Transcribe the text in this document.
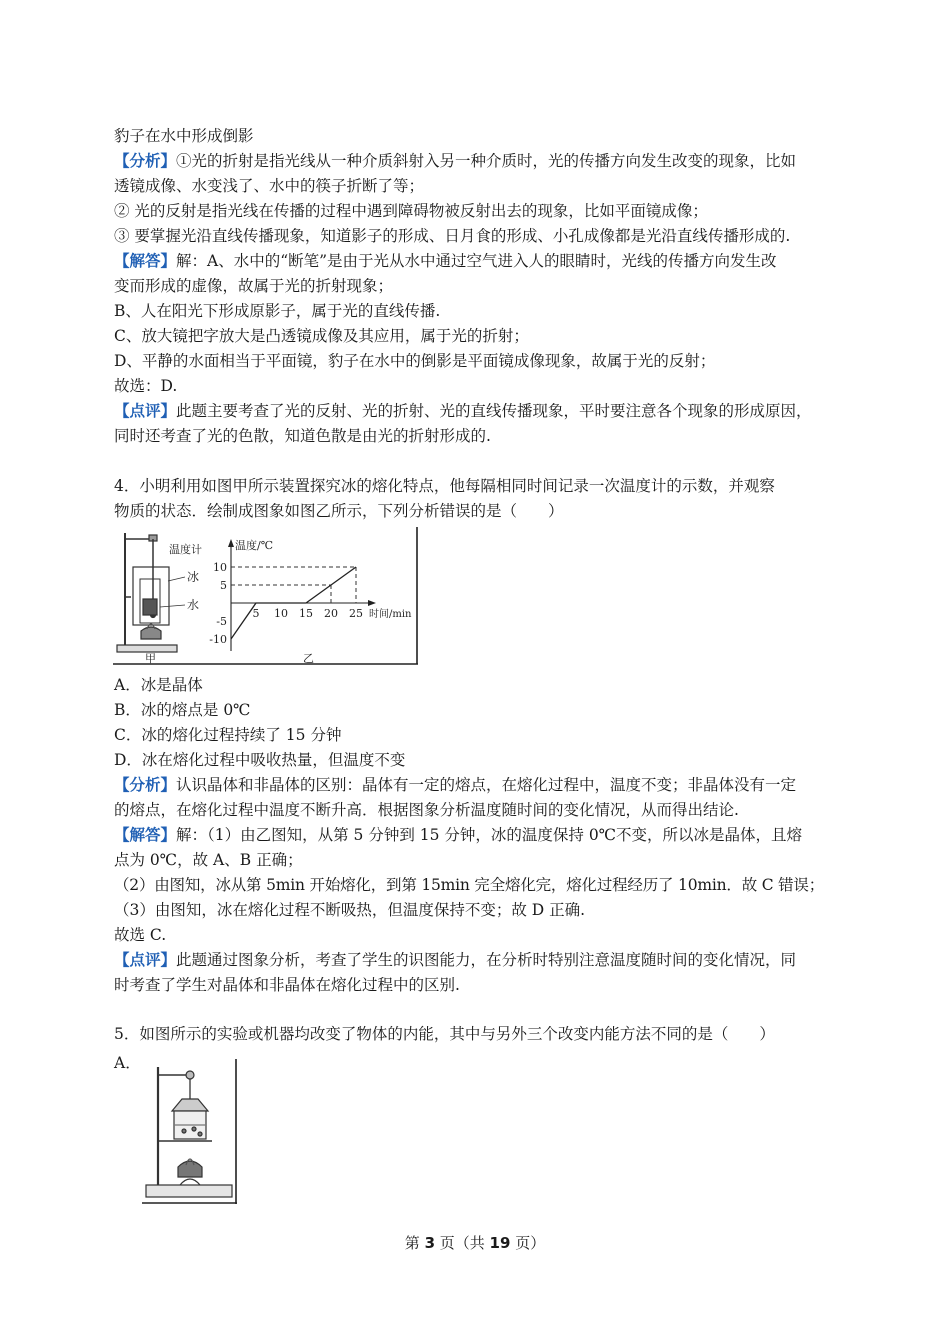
豹子在水中形成倒影
【分析】①光的折射是指光线从一种介质斜射入另一种介质时，光的传播方向发生改变的现象，比如
透镜成像、水变浅了、水中的筷子折断了等；
② 光的反射是指光线在传播的过程中遇到障碍物被反射出去的现象，比如平面镜成像；
③ 要掌握光沿直线传播现象，知道影子的形成、日月食的形成、小孔成像都是光沿直线传播形成的.
【解答】解：A、水中的“断笔”是由于光从水中通过空气进入人的眼睛时，光线的传播方向发生改
变而形成的虚像，故属于光的折射现象；
B、人在阳光下形成原影子，属于光的直线传播.
C、放大镜把字放大是凸透镜成像及其应用，属于光的折射；
D、平静的水面相当于平面镜，豹子在水中的倒影是平面镜成像现象，故属于光的反射；
故选：D.
【点评】此题主要考查了光的反射、光的折射、光的直线传播现象，平时要注意各个现象的形成原因，
同时还考查了光的色散，知道色散是由光的折射形成的.
4．小明利用如图甲所示装置探究冰的熔化特点，他每隔相同时间记录一次温度计的示数，并观察
物质的状态．绘制成图象如图乙所示，下列分析错误的是（　　）
温度计
冰
水
甲	乙
温度/℃
时间/min
5 10 15 20 25
-10
-5
5
10
A．冰是晶体
B．冰的熔点是 0℃
C．冰的熔化过程持续了 15 分钟
D．冰在熔化过程中吸收热量，但温度不变
【分析】认识晶体和非晶体的区别：晶体有一定的熔点，在熔化过程中，温度不变；非晶体没有一定
的熔点，在熔化过程中温度不断升高．根据图象分析温度随时间的变化情况，从而得出结论.
【解答】解：（1）由乙图知，从第 5 分钟到 15 分钟，冰的温度保持 0℃不变，所以冰是晶体，且熔
点为 0℃，故 A、B 正确；
（2）由图知，冰从第 5min 开始熔化，到第 15min 完全熔化完，熔化过程经历了 10min．故 C 错误；
（3）由图知，冰在熔化过程不断吸热，但温度保持不变；故 D 正确.
故选 C.
【点评】此题通过图象分析，考查了学生的识图能力，在分析时特别注意温度随时间的变化情况，同
时考查了学生对晶体和非晶体在熔化过程中的区别.
5．如图所示的实验或机器均改变了物体的内能，其中与另外三个改变内能方法不同的是（　　）
A．
第 3 页（共 19 页）
